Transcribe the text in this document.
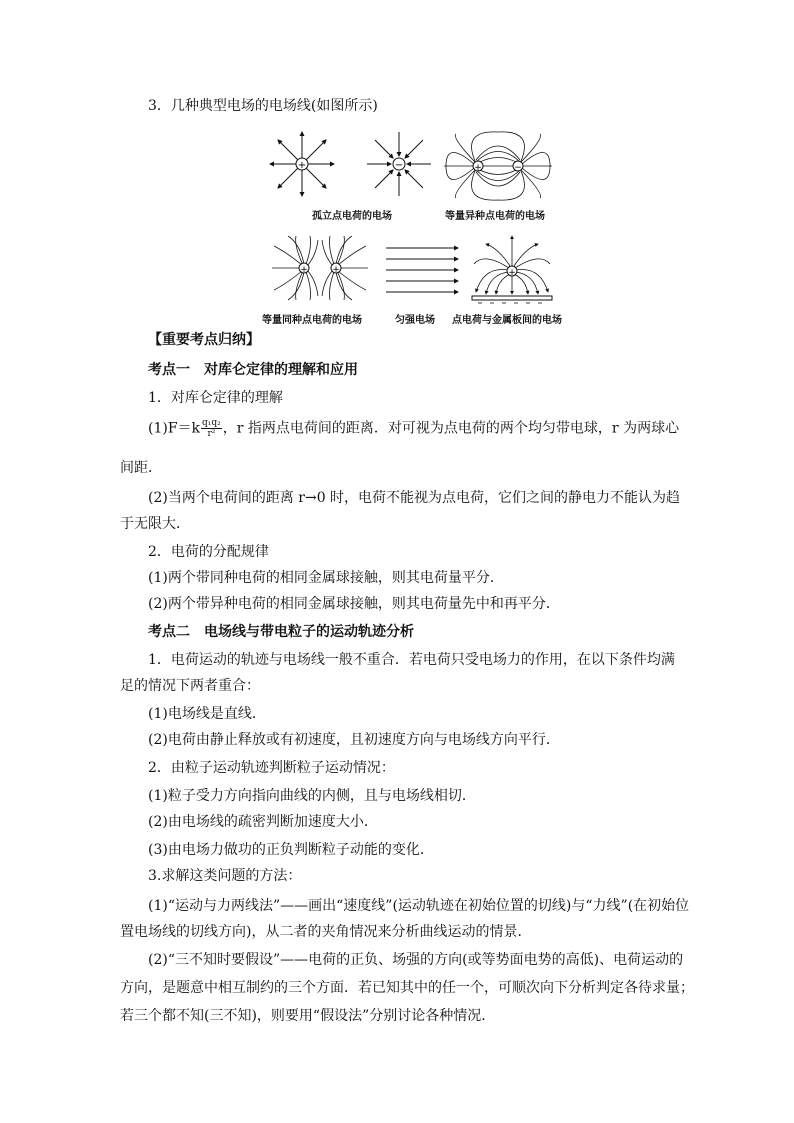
3．几种典型电场的电场线(如图所示)
+	−
孤立点电荷的电场
+	−
等量异种点电荷的电场
+	+	+
等量同种点电荷的电场	匀强电场 点电荷与金属板间的电场
【重要考点归纳】
考点一　对库仑定律的理解和应用
1．对库仑定律的理解
$(1)F=k \frac{\text{q₁q₂}}{\text{r²}}$ ，r 指两点电荷间的距离．对可视为点电荷的两个均匀带电球，r 为两球心
间距．
(2)当两个电荷间的距离 r→0 时，电荷不能视为点电荷，它们之间的静电力不能认为趋
于无限大．
2．电荷的分配规律
(1)两个带同种电荷的相同金属球接触，则其电荷量平分．
(2)两个带异种电荷的相同金属球接触，则其电荷量先中和再平分．
考点二　电场线与带电粒子的运动轨迹分析
1．电荷运动的轨迹与电场线一般不重合．若电荷只受电场力的作用，在以下条件均满
足的情况下两者重合：
(1)电场线是直线．
(2)电荷由静止释放或有初速度，且初速度方向与电场线方向平行．
2．由粒子运动轨迹判断粒子运动情况：
(1)粒子受力方向指向曲线的内侧，且与电场线相切．
(2)由电场线的疏密判断加速度大小．
(3)由电场力做功的正负判断粒子动能的变化．
3.求解这类问题的方法：
(1)“运动与力两线法”——画出“速度线”(运动轨迹在初始位置的切线)与“力线”(在初始位
置电场线的切线方向)，从二者的夹角情况来分析曲线运动的情景．
(2)“三不知时要假设”——电荷的正负、场强的方向(或等势面电势的高低)、电荷运动的
方向，是题意中相互制约的三个方面．若已知其中的任一个，可顺次向下分析判定各待求量；
若三个都不知(三不知)，则要用“假设法”分别讨论各种情况．
